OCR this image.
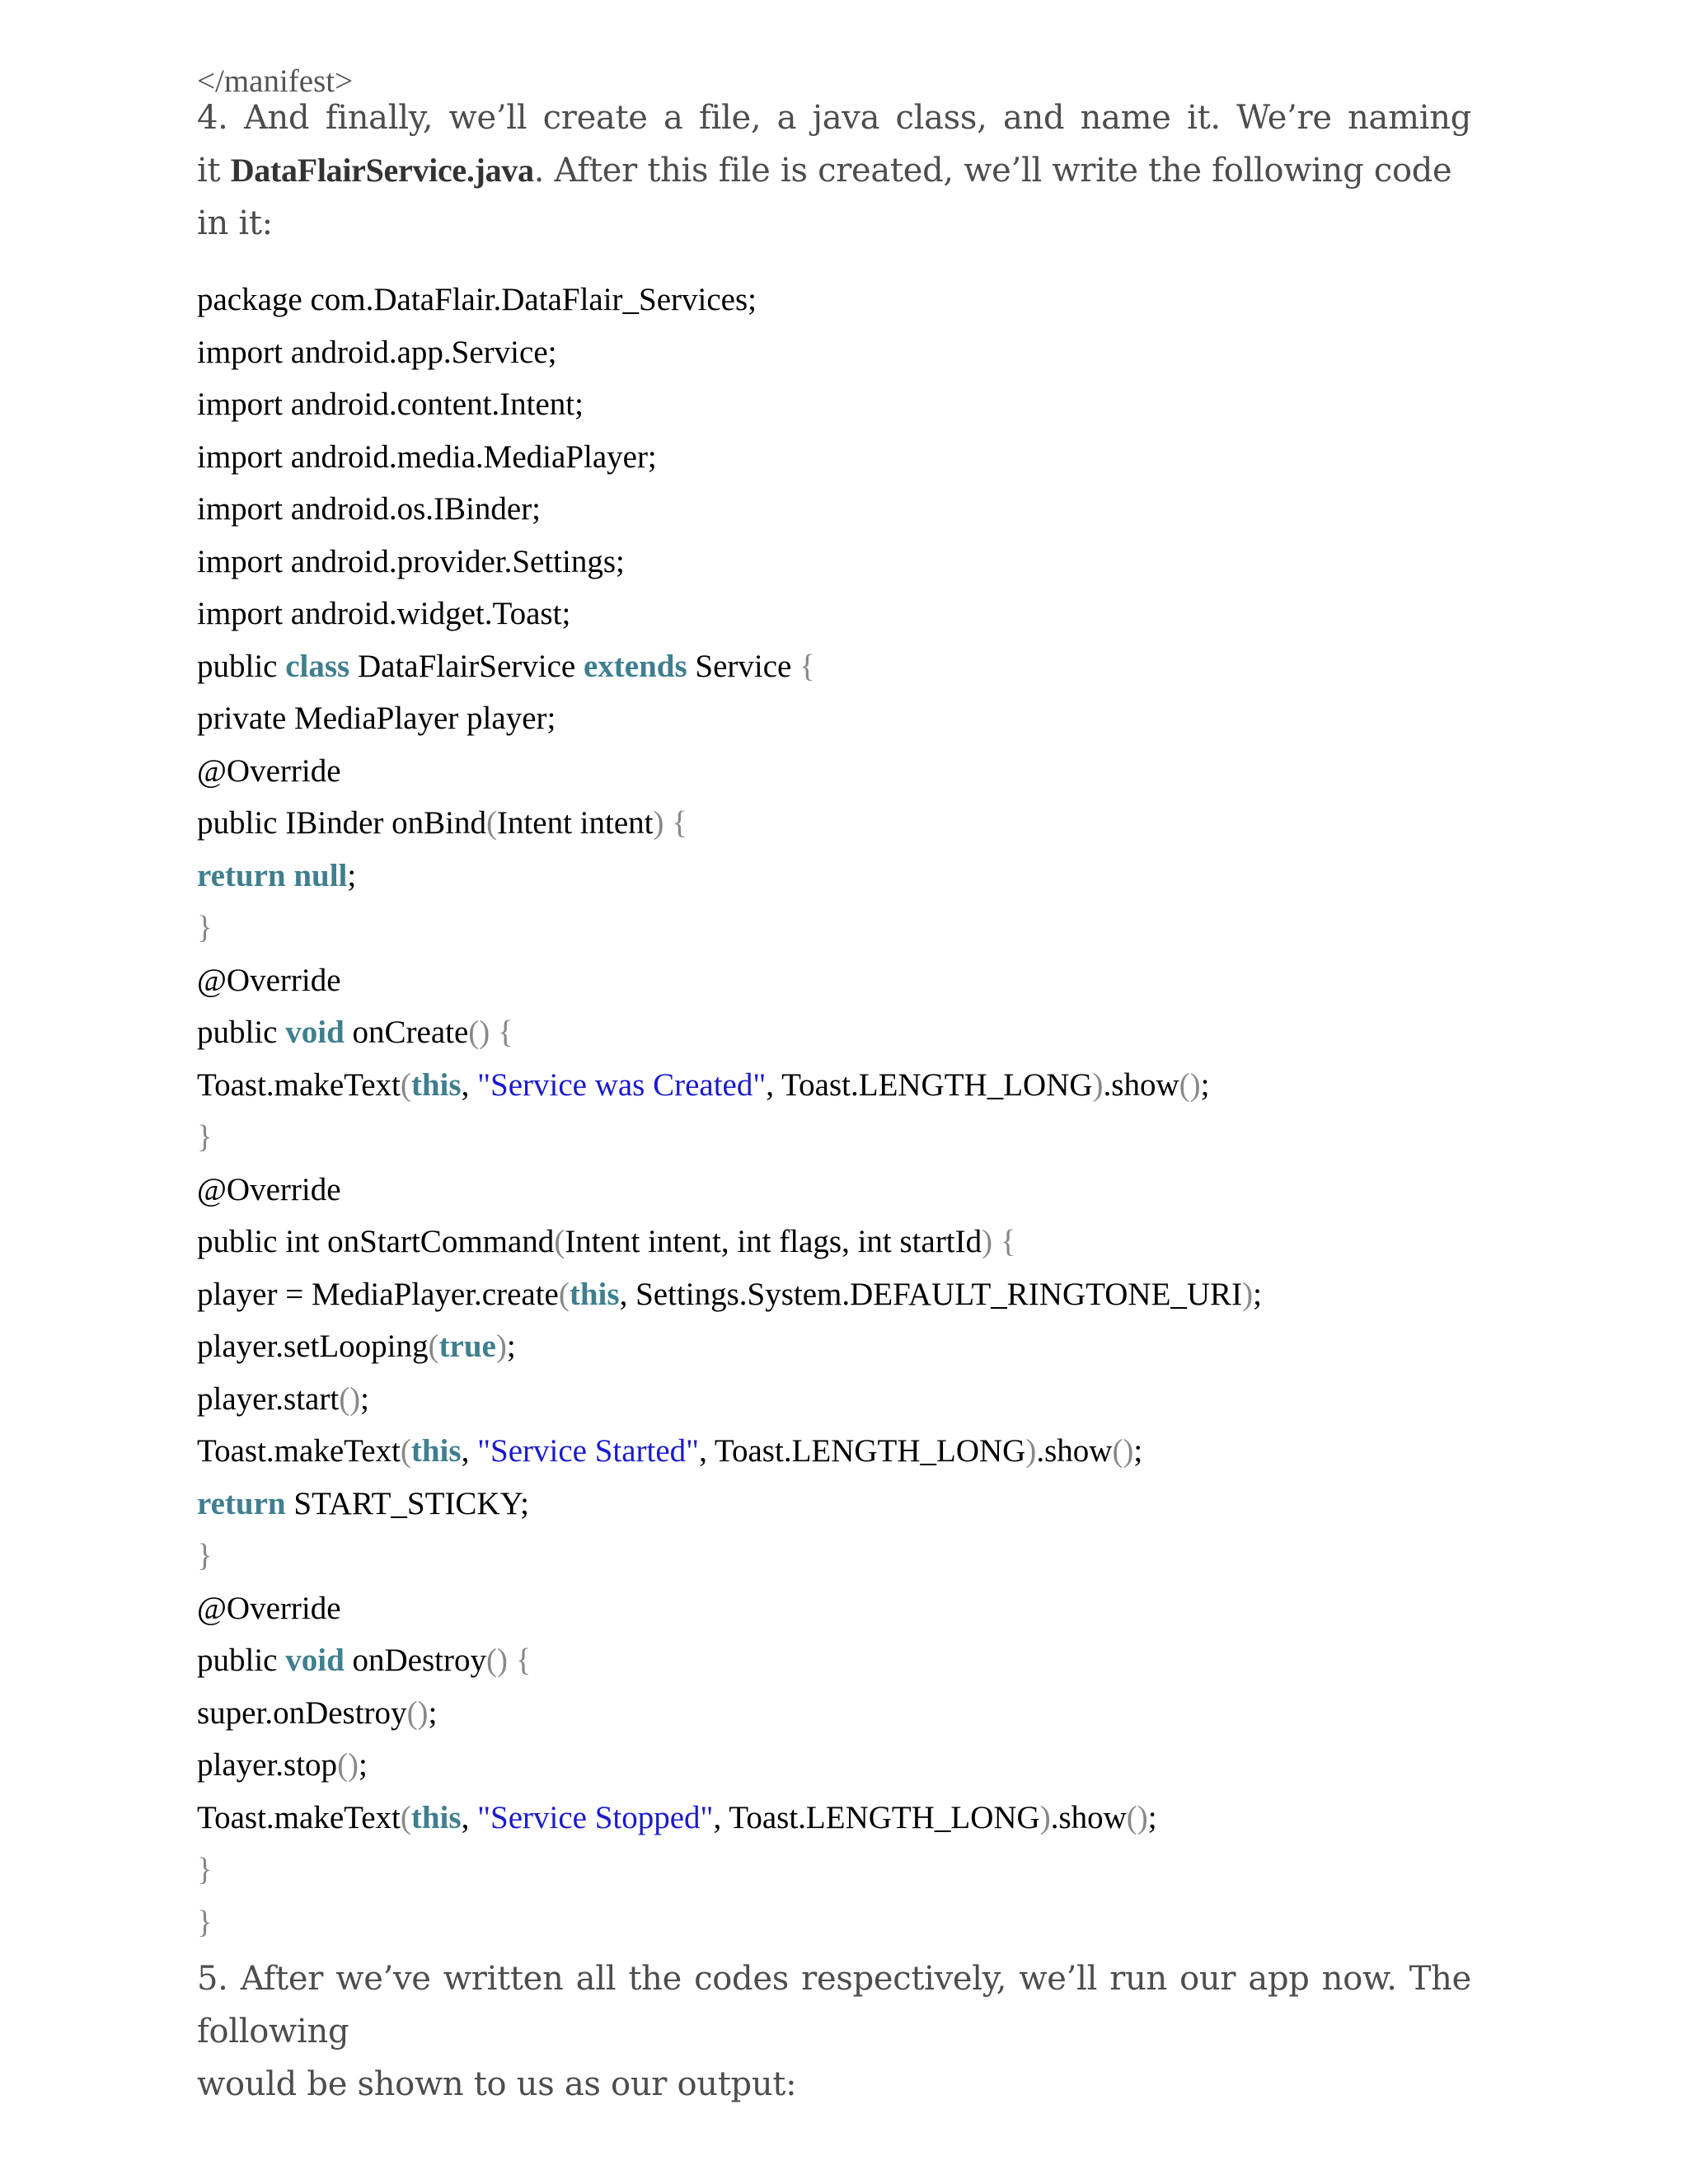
</manifest>
4. And finally, we’ll create a file, a java class, and name it. We’re naming
it DataFlairService.java. After this file is created, we’ll write the following code in it:
package com.DataFlair.DataFlair_Services;
import android.app.Service;
import android.content.Intent;
import android.media.MediaPlayer;
import android.os.IBinder;
import android.provider.Settings;
import android.widget.Toast;
public class DataFlairService extends Service {
private MediaPlayer player;
@Override
public IBinder onBind(Intent intent) {
return null;
}
@Override
public void onCreate() {
Toast.makeText(this, "Service was Created", Toast.LENGTH_LONG).show();
}
@Override
public int onStartCommand(Intent intent, int flags, int startId) {
player = MediaPlayer.create(this, Settings.System.DEFAULT_RINGTONE_URI);
player.setLooping(true);
player.start();
Toast.makeText(this, "Service Started", Toast.LENGTH_LONG).show();
return START_STICKY;
}
@Override
public void onDestroy() {
super.onDestroy();
player.stop();
Toast.makeText(this, "Service Stopped", Toast.LENGTH_LONG).show();
}
}
5. After we’ve written all the codes respectively, we’ll run our app now. The following
would be shown to us as our output:
